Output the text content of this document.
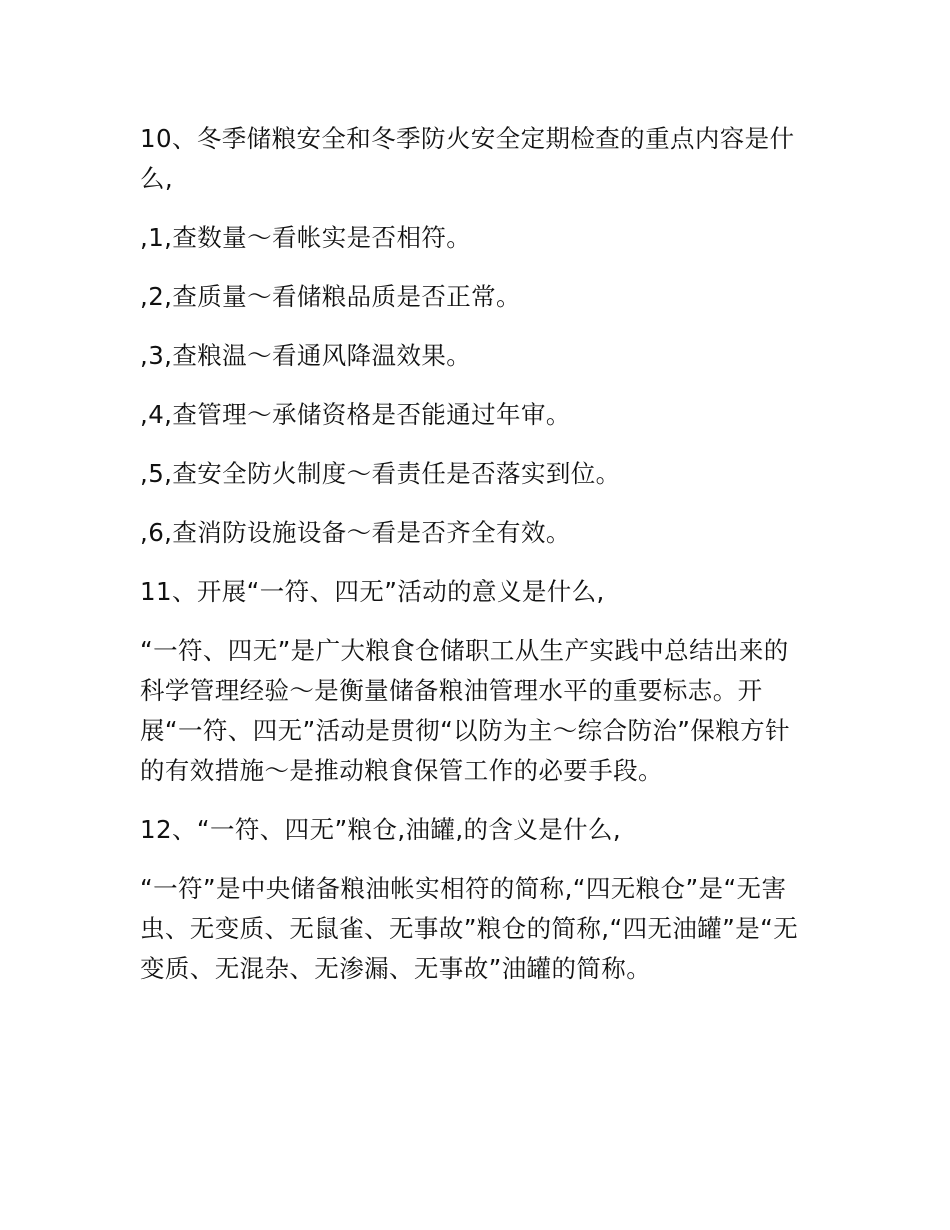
10、冬季储粮安全和冬季防火安全定期检查的重点内容是什么,

,1,查数量～看帐实是否相符。

,2,查质量～看储粮品质是否正常。

,3,查粮温～看通风降温效果。

,4,查管理～承储资格是否能通过年审。

,5,查安全防火制度～看责任是否落实到位。

,6,查消防设施设备～看是否齐全有效。

11、开展“一符、四无”活动的意义是什么,

“一符、四无”是广大粮食仓储职工从生产实践中总结出来的科学管理经验～是衡量储备粮油管理水平的重要标志。开展“一符、四无”活动是贯彻“以防为主～综合防治”保粮方针的有效措施～是推动粮食保管工作的必要手段。

12、“一符、四无”粮仓,油罐,的含义是什么,

“一符”是中央储备粮油帐实相符的简称,“四无粮仓”是“无害虫、无变质、无鼠雀、无事故”粮仓的简称,“四无油罐”是“无变质、无混杂、无渗漏、无事故”油罐的简称。
